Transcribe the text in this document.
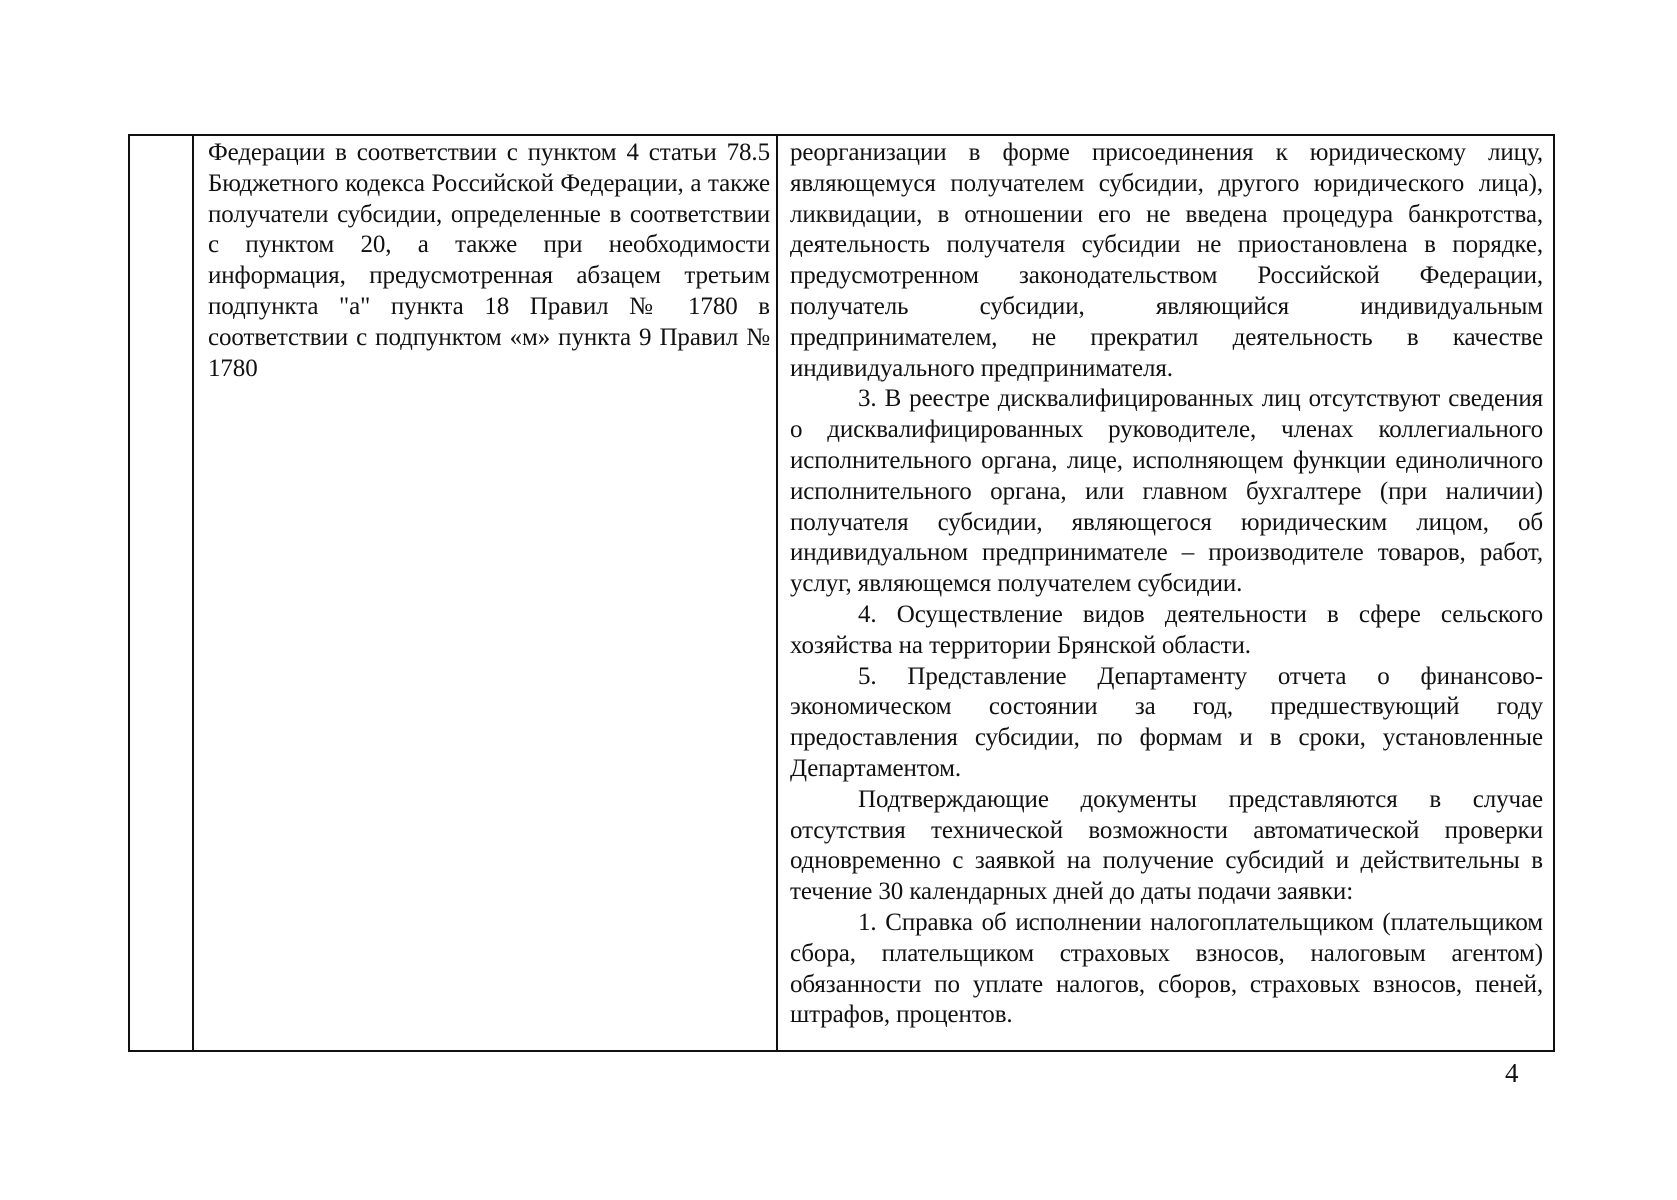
Федерации в соответствии с пунктом 4 статьи 78.5 Бюджетного кодекса Российской Федерации, а также получатели субсидии, определенные в соответствии с пунктом 20, а также при необходимости информация, предусмотренная абзацем третьим подпункта "а" пункта 18 Правил № 1780 в соответствии с подпунктом «м» пункта 9 Правил № 1780

реорганизации в форме присоединения к юридическому лицу, являющемуся получателем субсидии, другого юридического лица), ликвидации, в отношении его не введена процедура банкротства, деятельность получателя субсидии не приостановлена в порядке, предусмотренном законодательством Российской Федерации, получатель субсидии, являющийся индивидуальным предпринимателем, не прекратил деятельность в качестве индивидуального предпринимателя.

3. В реестре дисквалифицированных лиц отсутствуют сведения о дисквалифицированных руководителе, членах коллегиального исполнительного органа, лице, исполняющем функции единоличного исполнительного органа, или главном бухгалтере (при наличии) получателя субсидии, являющегося юридическим лицом, об индивидуальном предпринимателе – производителе товаров, работ, услуг, являющемся получателем субсидии.

4. Осуществление видов деятельности в сфере сельского хозяйства на территории Брянской области.

5. Представление Департаменту отчета о финансово-экономическом состоянии за год, предшествующий году предоставления субсидии, по формам и в сроки, установленные Департаментом.

Подтверждающие документы представляются в случае отсутствия технической возможности автоматической проверки одновременно с заявкой на получение субсидий и действительны в течение 30 календарных дней до даты подачи заявки:

1. Справка об исполнении налогоплательщиком (плательщиком сбора, плательщиком страховых взносов, налоговым агентом) обязанности по уплате налогов, сборов, страховых взносов, пеней, штрафов, процентов.

4
